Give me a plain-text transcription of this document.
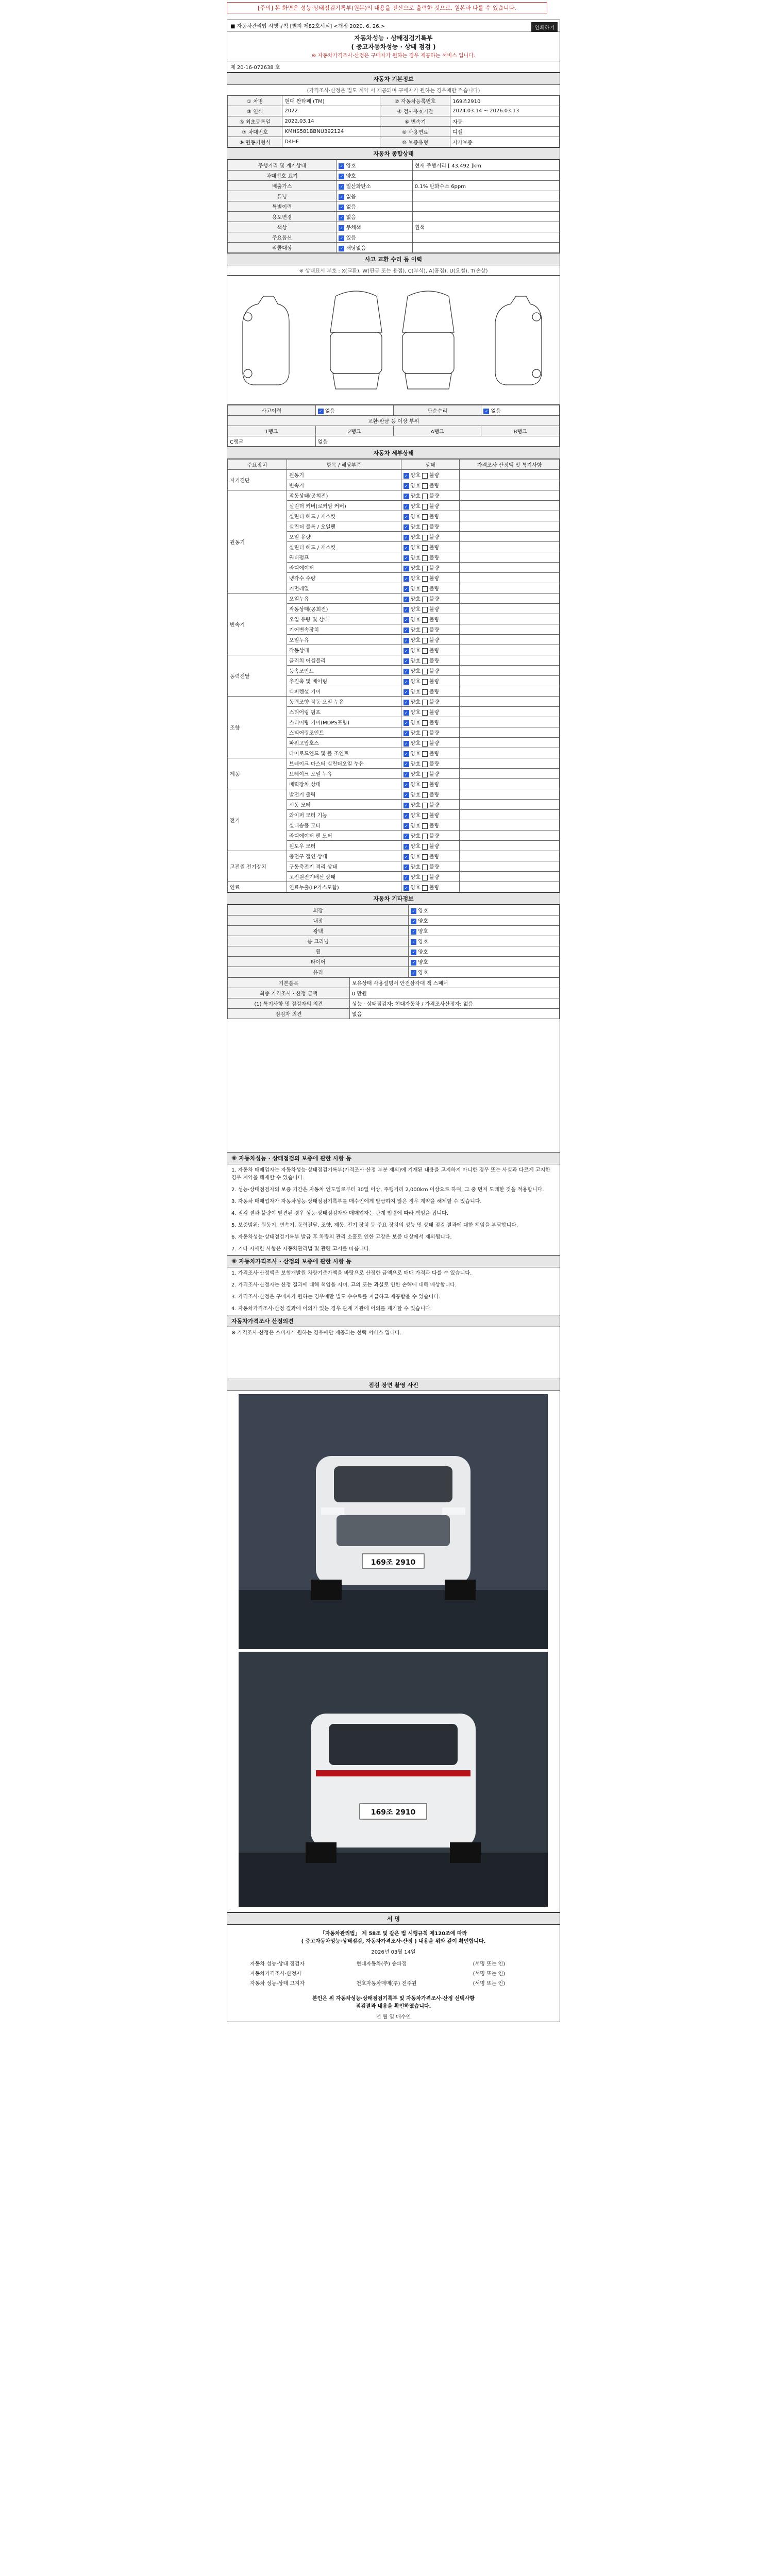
[주의] 본 화면은 성능·상태점검기록부(원본)의 내용을 전산으로 출력한 것으로, 원본과 다를 수 있습니다.
인쇄하기
■ 자동차관리법 시행규칙 [별지 제82호서식] <개정 2020. 6. 26.>
자동차성능 · 상태점검기록부
( 중고자동차성능 · 상태 점검 )
※ 자동차가격조사·산정은 구매자가 원하는 경우 제공하는 서비스 입니다.
제 20-16-072638 호
자동차 기본정보
(가격조사·산정은 별도 계약 시 제공되며 구매자가 원하는 경우에만 적습니다)
① 차명	현대 싼타페 (TM)	② 자동차등록번호	169조2910
③ 연식	2022	④ 검사유효기간	2024.03.14 ~ 2026.03.13
⑤ 최초등록일	2022.03.14	⑥ 변속기	자동
⑦ 차대번호	KMHS581BBNU392124	⑧ 사용연료	디젤
⑨ 원동기형식	D4HF	⑩ 보증유형	자가보증
자동차 종합상태
주행거리 및 계기상태	✓ 양호	현재 주행거리 [ 43,492 ]km
차대번호 표기	✓ 양호	
배출가스	✓ 일산화탄소	0.1% 탄화수소 6ppm
튜닝	✓ 없음	
특별이력	✓ 없음	
용도변경	✓ 없음	
색상	✓ 무채색	흰색
주요옵션	✓ 있음	
리콜대상	✓ 해당없음	
사고 교환 수리 등 이력
※ 상태표시 부호 : X(교환), W(판금 또는 용접), C(부식), A(흠집), U(요철), T(손상)
사고이력	✓ 없음	단순수리	✓ 없음
교환·판금 등 이상 부위			
1랭크	2랭크	A랭크	B랭크
C랭크	없음		
자동차 세부상태
주요장치	항목 / 해당부품	상태	가격조사·산정액 및 특기사항
자기진단	원동기	✓ 양호 불량	
	변속기	✓ 양호 불량	
원동기	작동상태(공회전)	✓ 양호 불량	
	실린더 커버(로커암 커버)	✓ 양호 불량	
	실린더 헤드 / 개스킷	✓ 양호 불량	
	실린더 블록 / 오일팬	✓ 양호 불량	
	오일 유량	✓ 양호 불량	
	실린더 헤드 / 개스킷	✓ 양호 불량	
	워터펌프	✓ 양호 불량	
	라디에이터	✓ 양호 불량	
	냉각수 수량	✓ 양호 불량	
	커먼레일	✓ 양호 불량	
변속기	오일누유	✓ 양호 불량	
	작동상태(공회전)	✓ 양호 불량	
	오일 유량 및 상태	✓ 양호 불량	
	기어변속장치	✓ 양호 불량	
	오일누유	✓ 양호 불량	
	작동상태	✓ 양호 불량	
동력전달	클러치 어셈블리	✓ 양호 불량	
	등속조인트	✓ 양호 불량	
	추진축 및 베어링	✓ 양호 불량	
	디퍼렌셜 기어	✓ 양호 불량	
조향	동력조향 작동 오일 누유	✓ 양호 불량	
	스티어링 펌프	✓ 양호 불량	
	스티어링 기어(MDPS포함)	✓ 양호 불량	
	스티어링조인트	✓ 양호 불량	
	파워고압호스	✓ 양호 불량	
	타이로드엔드 및 볼 조인트	✓ 양호 불량	
제동	브레이크 마스터 실린더오일 누유	✓ 양호 불량	
	브레이크 오일 누유	✓ 양호 불량	
	배력장치 상태	✓ 양호 불량	
전기	발전기 출력	✓ 양호 불량	
	시동 모터	✓ 양호 불량	
	와이퍼 모터 기능	✓ 양호 불량	
	실내송풍 모터	✓ 양호 불량	
	라디에이터 팬 모터	✓ 양호 불량	
	윈도우 모터	✓ 양호 불량	
고전원 전기장치	충전구 절연 상태	✓ 양호 불량	
	구동축전지 격리 상태	✓ 양호 불량	
	고전원전기배선 상태	✓ 양호 불량	
연료	연료누출(LP가스포함)	✓ 양호 불량	
자동차 기타정보
외장	✓ 양호
내장	✓ 양호
광택	✓ 양호
룸 크리닝	✓ 양호
휠	✓ 양호
타이어	✓ 양호
유리	✓ 양호
기본품목	보유상태 사용설명서 안전삼각대 잭 스패너
최종 가격조사 · 산정 금액	0 만원
(1) 특기사항 및 점검자의 의견	성능 · 상태점검자: 현대자동차 / 가격조사산정자: 없음
점검자 의견	없음
※ 자동차성능 · 상태점검의 보증에 관한 사항 등
1. 자동차 매매업자는 자동차성능·상태점검기록부(가격조사·산정 부분 제외)에 기재된 내용을 고지하지 아니한 경우 또는 사실과 다르게 고지한 경우 계약을 해제할 수 있습니다.
2. 성능·상태점검자의 보증 기간은 자동차 인도일로부터 30일 이상, 주행거리 2,000km 이상으로 하며, 그 중 먼저 도래한 것을 적용합니다.
3. 자동차 매매업자가 자동차성능·상태점검기록부를 매수인에게 발급하지 않은 경우 계약을 해제할 수 있습니다.
4. 점검 결과 불량이 발견된 경우 성능·상태점검자와 매매업자는 관계 법령에 따라 책임을 집니다.
5. 보증범위: 원동기, 변속기, 동력전달, 조향, 제동, 전기 장치 등 주요 장치의 성능 및 상태 점검 결과에 대한 책임을 부담합니다.
6. 자동차성능·상태점검기록부 발급 후 차량의 관리 소홀로 인한 고장은 보증 대상에서 제외됩니다.
7. 기타 자세한 사항은 자동차관리법 및 관련 고시를 따릅니다.
※ 자동차가격조사 · 산정의 보증에 관한 사항 등
1. 가격조사·산정액은 보험개발원 차량기준가액을 바탕으로 산정한 금액으로 매매 가격과 다를 수 있습니다.
2. 가격조사·산정자는 산정 결과에 대해 책임을 지며, 고의 또는 과실로 인한 손해에 대해 배상합니다.
3. 가격조사·산정은 구매자가 원하는 경우에만 별도 수수료를 지급하고 제공받을 수 있습니다.
4. 자동차가격조사·산정 결과에 이의가 있는 경우 관계 기관에 이의를 제기할 수 있습니다.
자동차가격조사 산정의견
※ 가격조사·산정은 소비자가 원하는 경우에만 제공되는 선택 서비스 입니다.
점검 장면 촬영 사진
169조 2910
169조 2910
서 명
「자동차관리법」 제 58조 및 같은 법 시행규칙 제120조에 따라
( 중고자동차성능·상태점검, 자동차가격조사·산정 ) 내용을 위와 같이 확인합니다.
2026년 03월 14일
자동차 성능·상태 점검자	현대자동차(주) 송파점	(서명 또는 인)
자동차가격조사·산정자		(서명 또는 인)
자동차 성능·상태 고지자	천호자동차매매(주) 전주원	(서명 또는 인)
본인은 위 자동차성능·상태점검기록부 및 자동차가격조사·산정 선택사항
점검결과 내용을 확인하였습니다.
년 월 일 매수인
